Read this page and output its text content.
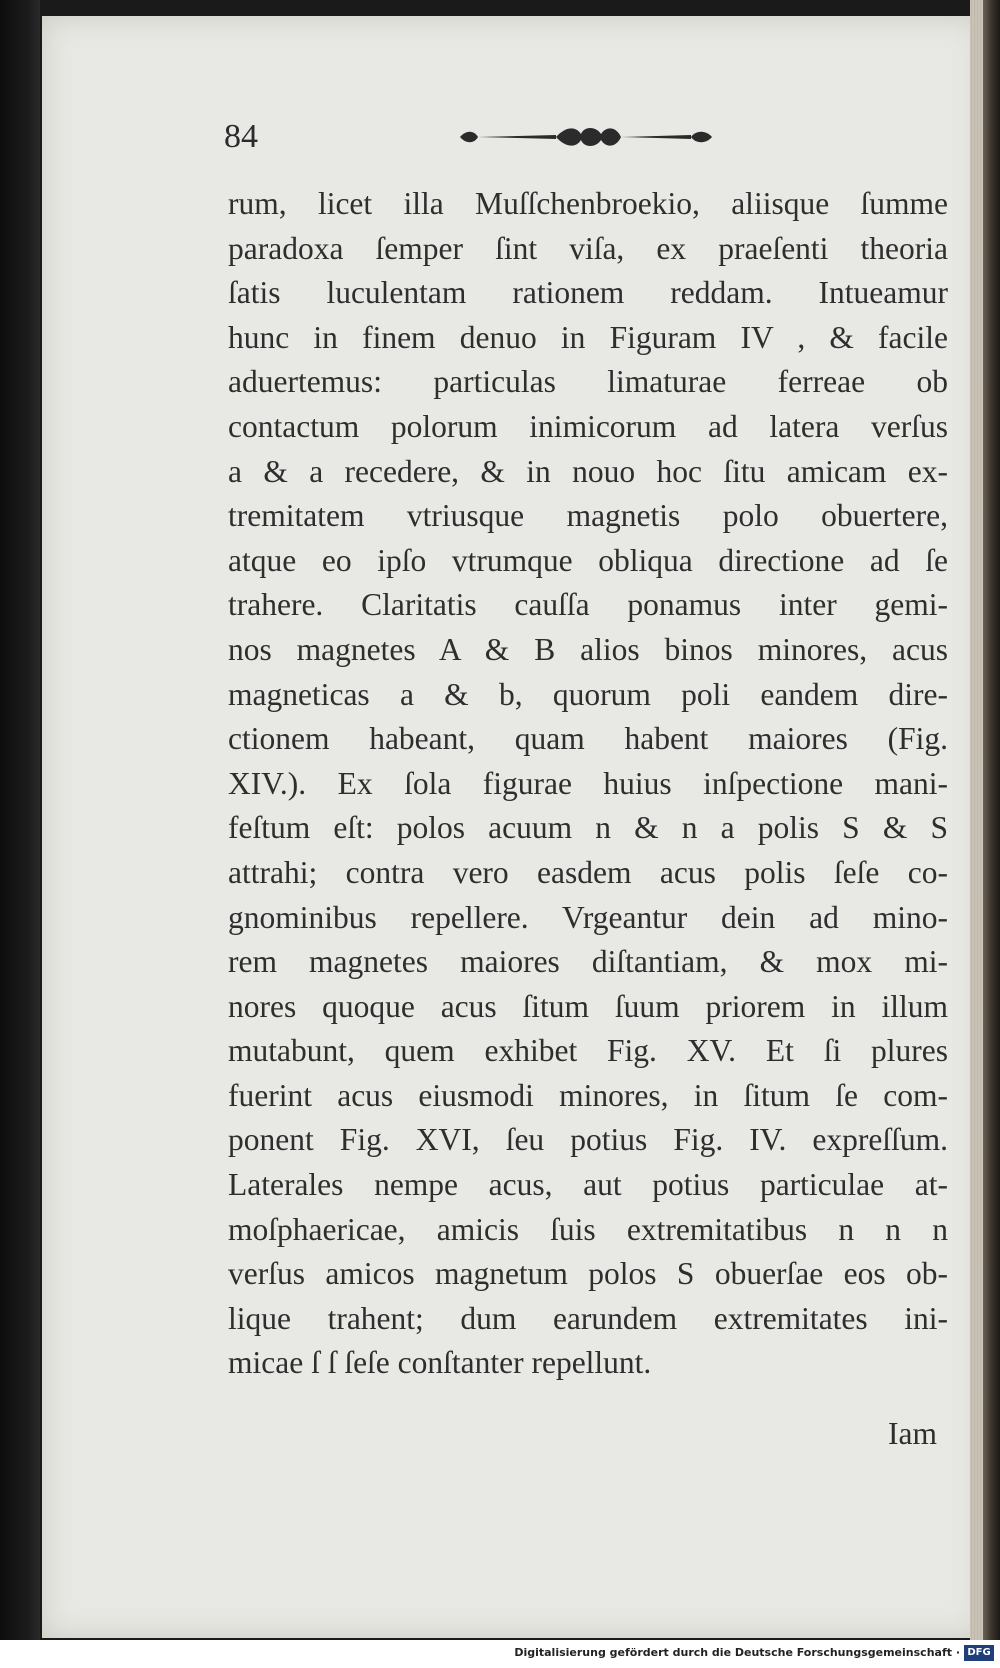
84
rum, licet illa Muſſchenbroekio, aliisque ſumme
paradoxa ſemper ſint viſa, ex praeſenti theoria
ſatis luculentam rationem reddam. Intueamur
hunc in finem denuo in Figuram IV , & facile
aduertemus: particulas limaturae ferreae ob
contactum polorum inimicorum ad latera verſus
a & a recedere, & in nouo hoc ſitu amicam ex-
tremitatem vtriusque magnetis polo obuertere,
atque eo ipſo vtrumque obliqua directione ad ſe
trahere. Claritatis cauſſa ponamus inter gemi-
nos magnetes A & B alios binos minores, acus
magneticas a & b, quorum poli eandem dire-
ctionem habeant, quam habent maiores (Fig.
XIV.). Ex ſola figurae huius inſpectione mani-
feſtum eſt: polos acuum n & n a polis S & S
attrahi; contra vero easdem acus polis ſeſe co-
gnominibus repellere. Vrgeantur dein ad mino-
rem magnetes maiores diſtantiam, & mox mi-
nores quoque acus ſitum ſuum priorem in illum
mutabunt, quem exhibet Fig. XV. Et ſi plures
fuerint acus eiusmodi minores, in ſitum ſe com-
ponent Fig. XVI, ſeu potius Fig. IV. expreſſum.
Laterales nempe acus, aut potius particulae at-
moſphaericae, amicis ſuis extremitatibus n n n
verſus amicos magnetum polos S obuerſae eos ob-
lique trahent; dum earundem extremitates ini-
micae ſ ſ ſeſe conſtanter repellunt.
Iam
Digitalisierung gefördert durch die Deutsche Forschungsgemeinschaft · DFG
